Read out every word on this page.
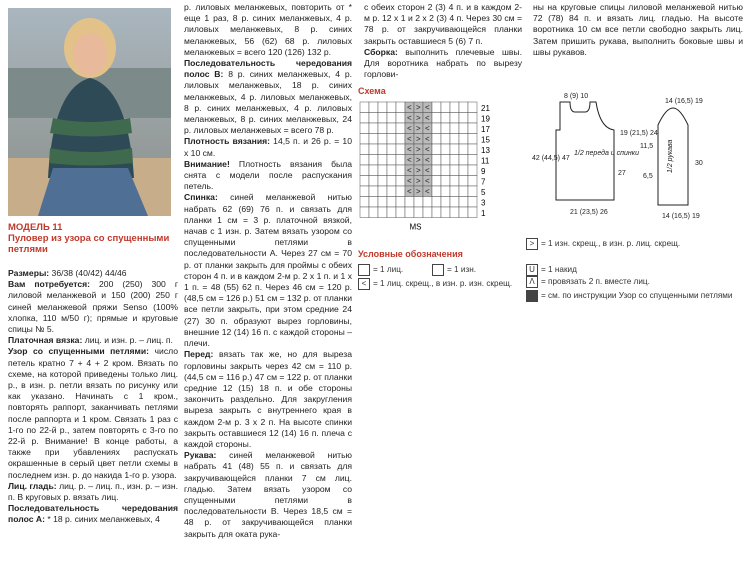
МОДЕЛЬ 11
Пуловер из узора со спущенными петлями

Размеры: 36/38 (40/42) 44/46

Вам потребуется: 200 (250) 300 г лиловой меланжевой и 150 (200) 250 г синей меланжевой пряжи Senso (100% хлопка, 110 м/50 г); прямые и круговые спицы № 5.

Платочная вязка: лиц. и изн. р. – лиц. п.

Узор со спущенными петлями: число петель кратно 7 + 4 + 2 кром. Вязать по схеме, на которой приведены только лиц. р., в изн. р. петли вязать по рисунку или как указано. Начинать с 1 кром., повторять раппорт, заканчивать петлями после раппорта и 1 кром. Связать 1 раз с 1-го по 22-й р., затем повторять с 3-го по 22-й р. Внимание! В конце работы, а также при убавлениях распускать окрашенные в серый цвет петли схемы в последнем изн. р. до накида 1-го р. узора.

Лиц. гладь: лиц. р. – лиц. п., изн. р. – изн. п. В круговых р. вязать лиц.

Последовательность чередования полос А: * 18 р. синих меланжевых, 4

р. лиловых меланжевых, повторить от * еще 1 раз, 8 р. синих меланжевых, 4 р. лиловых меланжевых, 8 р. синих меланжевых, 56 (62) 68 р. лиловых меланжевых = всего 120 (126) 132 р.

Последовательность чередования полос В: 8 р. синих меланжевых, 4 р. лиловых меланжевых, 18 р. синих меланжевых, 4 р. лиловых меланжевых, 8 р. синих меланжевых, 4 р. лиловых меланжевых, 8 р. синих меланжевых, 24 р. лиловых меланжевых = всего 78 р.

Плотность вязания: 14,5 п. и 26 р. = 10 х 10 см.

Внимание! Плотность вязания была снята с модели после распускания петель.

Спинка: синей меланжевой нитью набрать 62 (69) 76 п. и связать для планки 1 см = 3 р. платочной вязкой, начав с 1 изн. р. Затем вязать узором со спущенными петлями в последовательности А. Через 27 см = 70 р. от планки закрыть для проймы с обеих сторон 4 п. и в каждом 2-м р. 2 х 1 п. и 1 х 1 п. = 48 (55) 62 п. Через 46 см = 120 р. (48,5 см = 126 р.) 51 см = 132 р. от планки все петли закрыть, при этом средние 24 (27) 30 п. образуют вырез горловины, внешние 12 (14) 16 п. с каждой стороны – плечи.

Перед: вязать так же, но для выреза горловины закрыть через 42 см = 110 р. (44,5 см = 116 р.) 47 см = 122 р. от планки средние 12 (15) 18 п. и обе стороны закончить раздельно. Для закругления выреза закрыть с внутреннего края в каждом 2-м р. 3 х 2 п. На высоте спинки закрыть оставшиеся 12 (14) 16 п. плеча с каждой стороны.

Рукава: синей меланжевой нитью набрать 41 (48) 55 п. и связать для закручивающейся планки 7 см лиц. гладью. Затем вязать узором со спущенными петлями в последовательности В. Через 18,5 см = 48 р. от закручивающейся планки закрыть для оката рука-

с обеих сторон 2 (3) 4 п. и в каждом 2-м р. 12 х 1 и 2 х 2 (3) 4 п. Через 30 см = 78 р. от закручивающейся планки закрыть оставшиеся 5 (6) 7 п.

Сборка: выполнить плечевые швы. Для воротника набрать по вырезу горлови-

ны на круговые спицы лиловой меланжевой нитью 72 (78) 84 п. и вязать лиц. гладью. На высоте воротника 10 см все петли свободно закрыть лиц. Затем пришить рукава, выполнить боковые швы и швы рукавов.

Схема
< > <
< > <
< > <
< > <
< > <
< > <
< > <
< > <
< > <
21
19
17
15
13
11
9
7
5
3
1
MS
Условные обозначения
= 1 лиц.	= 1 изн.
< = 1 лиц. скрещ., в изн. р. изн. скрещ.
> = 1 изн. скрещ., в изн. р. лиц. скрещ.
U = 1 накид
Λ = провязать 2 п. вместе лиц.
= см. по инструкции Узор со спущенными петлями
8 (9) 10
1/2 переда и спинки
42 (44,5) 47
19 (21,5) 24
27
21 (23,5) 26
14 (16,5) 19
1/2 рукава
11,5
6,5
30
14 (16,5) 19
